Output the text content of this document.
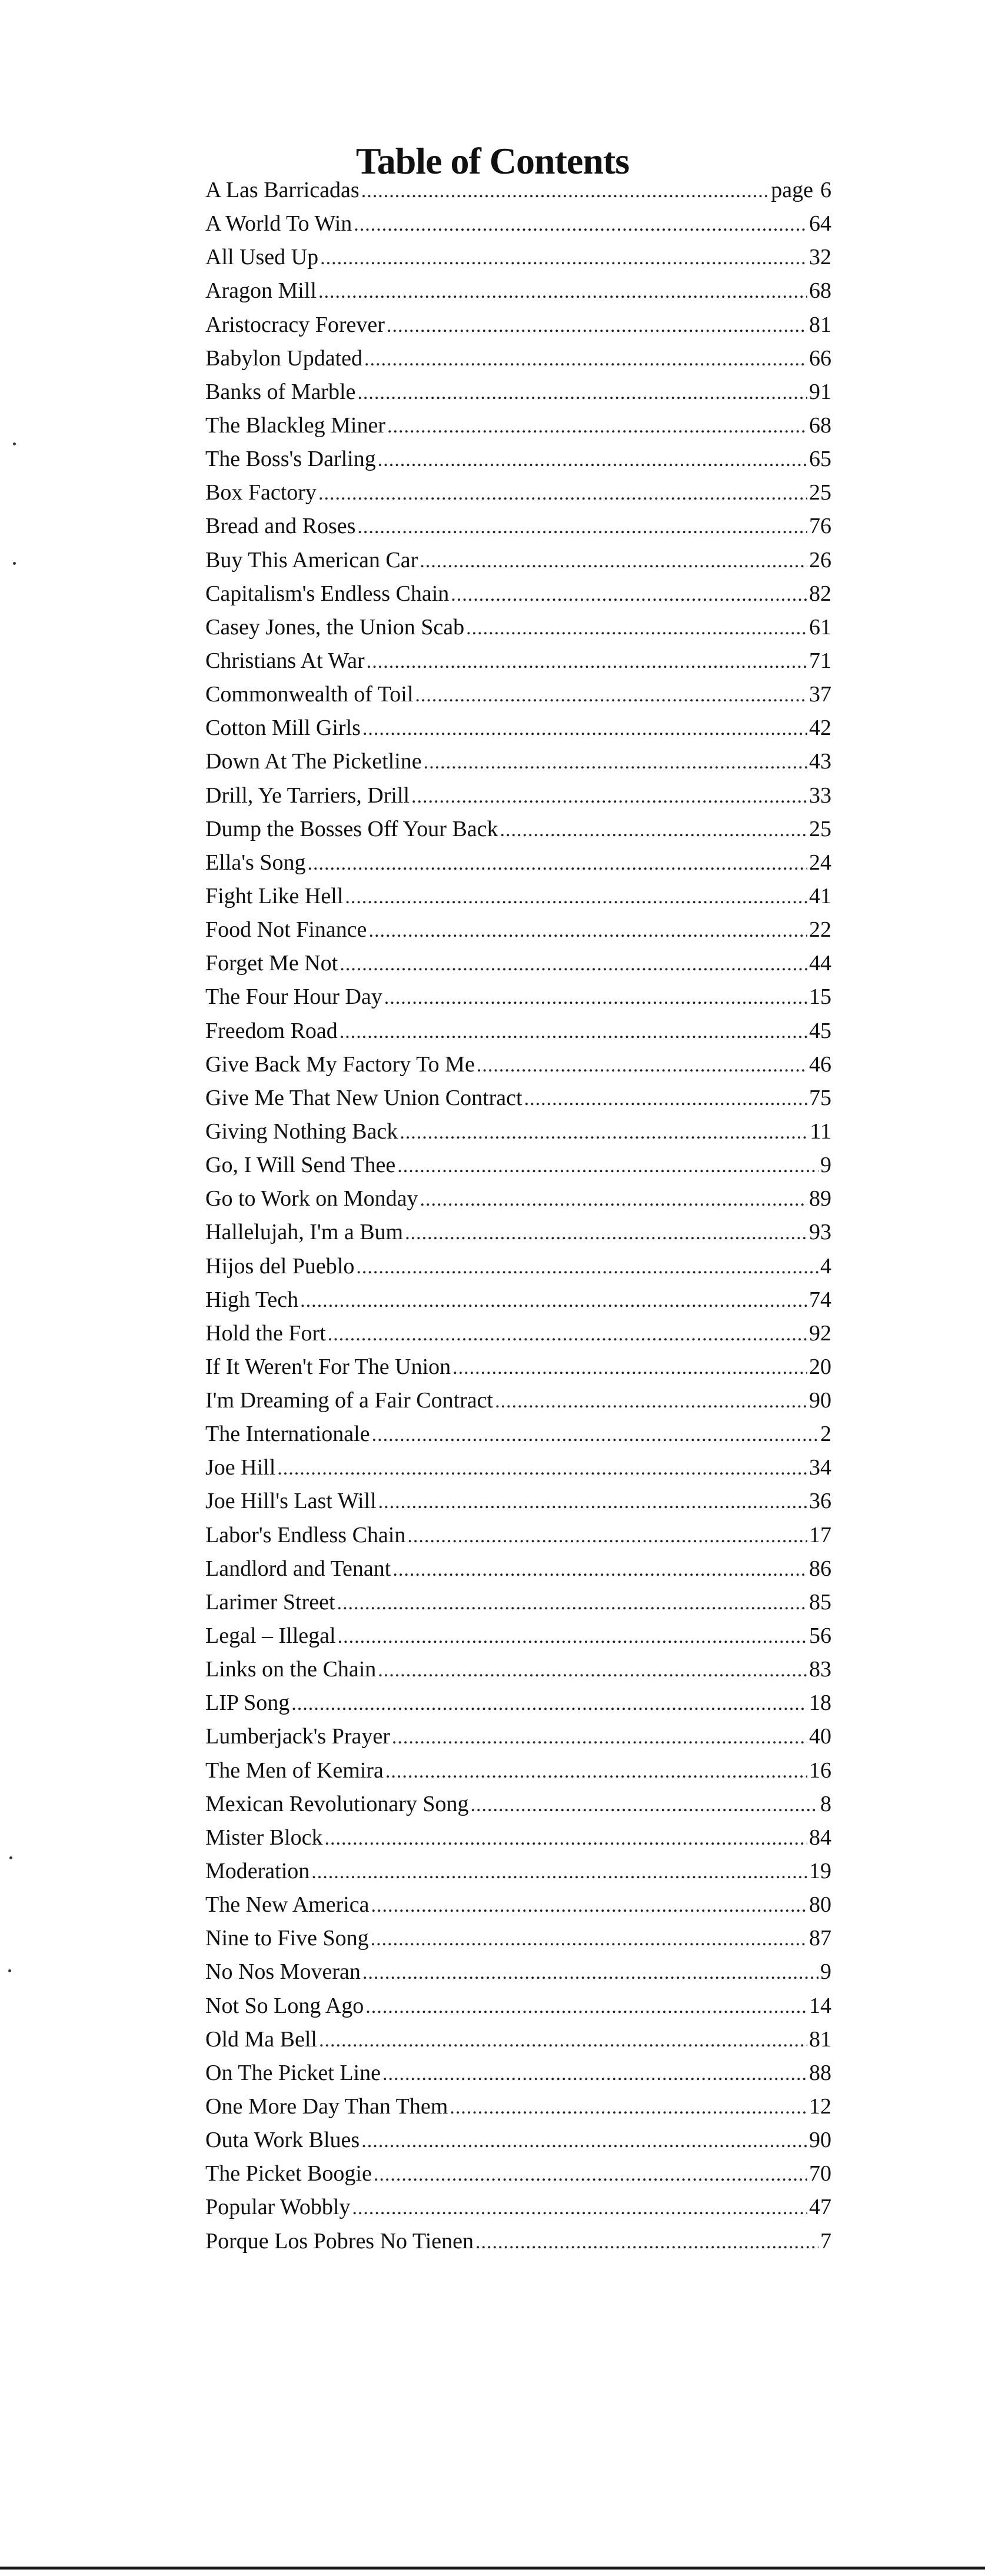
Table of Contents
A Las Barricadas .....	page 6
A World To Win .....	64
All Used Up .....	32
Aragon Mill .....	68
Aristocracy Forever .....	81
Babylon Updated .....	66
Banks of Marble .....	91
The Blackleg Miner .....	68
The Boss's Darling .....	65
Box Factory .....	25
Bread and Roses .....	76
Buy This American Car .....	26
Capitalism's Endless Chain .....	82
Casey Jones, the Union Scab .....	61
Christians At War .....	71
Commonwealth of Toil .....	37
Cotton Mill Girls .....	42
Down At The Picketline .....	43
Drill, Ye Tarriers, Drill .....	33
Dump the Bosses Off Your Back .....	25
Ella's Song .....	24
Fight Like Hell .....	41
Food Not Finance .....	22
Forget Me Not .....	44
The Four Hour Day .....	15
Freedom Road .....	45
Give Back My Factory To Me .....	46
Give Me That New Union Contract .....	75
Giving Nothing Back .....	11
Go, I Will Send Thee .....	9
Go to Work on Monday .....	89
Hallelujah, I'm a Bum .....	93
Hijos del Pueblo .....	4
High Tech .....	74
Hold the Fort .....	92
If It Weren't For The Union .....	20
I'm Dreaming of a Fair Contract .....	90
The Internationale .....	2
Joe Hill .....	34
Joe Hill's Last Will .....	36
Labor's Endless Chain .....	17
Landlord and Tenant .....	86
Larimer Street .....	85
Legal – Illegal .....	56
Links on the Chain .....	83
LIP Song .....	18
Lumberjack's Prayer .....	40
The Men of Kemira .....	16
Mexican Revolutionary Song .....	8
Mister Block .....	84
Moderation .....	19
The New America .....	80
Nine to Five Song .....	87
No Nos Moveran .....	9
Not So Long Ago .....	14
Old Ma Bell .....	81
On The Picket Line .....	88
One More Day Than Them .....	12
Outa Work Blues .....	90
The Picket Boogie .....	70
Popular Wobbly .....	47
Porque Los Pobres No Tienen .....	7
